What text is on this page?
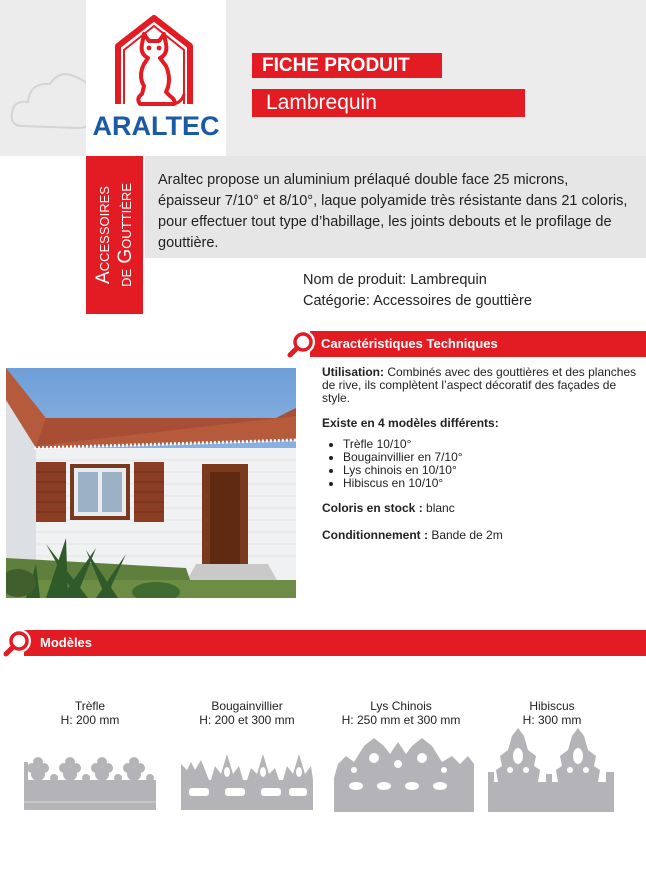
ARALTEC
FICHE PRODUIT
Lambrequin
Accessoires de Gouttière
Araltec propose un aluminium prélaqué double face 25 microns, épaisseur 7/10° et 8/10°, laque polyamide très résistante dans 21 coloris, pour effectuer tout type d’habillage, les joints debouts et le profilage de gouttière.
Nom de produit: Lambrequin
Catégorie: Accessoires de gouttière
Caractéristiques Techniques

Utilisation: Combinés avec des gouttières et des planches de rive, ils complètent l’aspect décoratif des façades de style.

Existe en 4 modèles différents:

• Trèfle 10/10°
• Bougainvillier en 7/10°
• Lys chinois en 10/10°
• Hibiscus en 10/10°

Coloris en stock : blanc

Conditionnement : Bande de 2m

Modèles
Trèfle
H: 200 mm
Bougainvillier
H: 200 et 300 mm
Lys Chinois
H: 250 mm et 300 mm
Hibiscus
H: 300 mm
